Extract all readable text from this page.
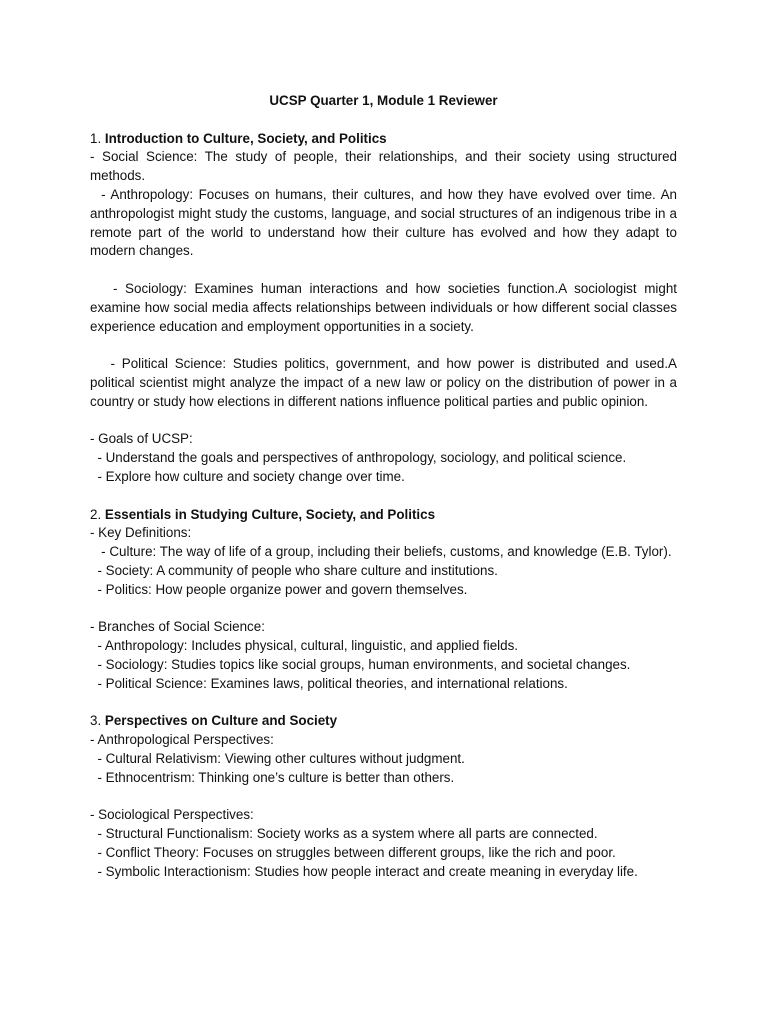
UCSP Quarter 1, Module 1 Reviewer

1. Introduction to Culture, Society, and Politics

- Social Science: The study of people, their relationships, and their society using structured methods.

- Anthropology: Focuses on humans, their cultures, and how they have evolved over time. An anthropologist might study the customs, language, and social structures of an indigenous tribe in a remote part of the world to understand how their culture has evolved and how they adapt to modern changes.

- Sociology: Examines human interactions and how societies function.A sociologist might examine how social media affects relationships between individuals or how different social classes experience education and employment opportunities in a society.

- Political Science: Studies politics, government, and how power is distributed and used.A political scientist might analyze the impact of a new law or policy on the distribution of power in a country or study how elections in different nations influence political parties and public opinion.

- Goals of UCSP:

- Understand the goals and perspectives of anthropology, sociology, and political science.

- Explore how culture and society change over time.

2. Essentials in Studying Culture, Society, and Politics

- Key Definitions:

- Culture: The way of life of a group, including their beliefs, customs, and knowledge (E.B. Tylor).

- Society: A community of people who share culture and institutions.

- Politics: How people organize power and govern themselves.

- Branches of Social Science:

- Anthropology: Includes physical, cultural, linguistic, and applied fields.

- Sociology: Studies topics like social groups, human environments, and societal changes.

- Political Science: Examines laws, political theories, and international relations.

3. Perspectives on Culture and Society

- Anthropological Perspectives:

- Cultural Relativism: Viewing other cultures without judgment.

- Ethnocentrism: Thinking one’s culture is better than others.

- Sociological Perspectives:

- Structural Functionalism: Society works as a system where all parts are connected.

- Conflict Theory: Focuses on struggles between different groups, like the rich and poor.

- Symbolic Interactionism: Studies how people interact and create meaning in everyday life.
